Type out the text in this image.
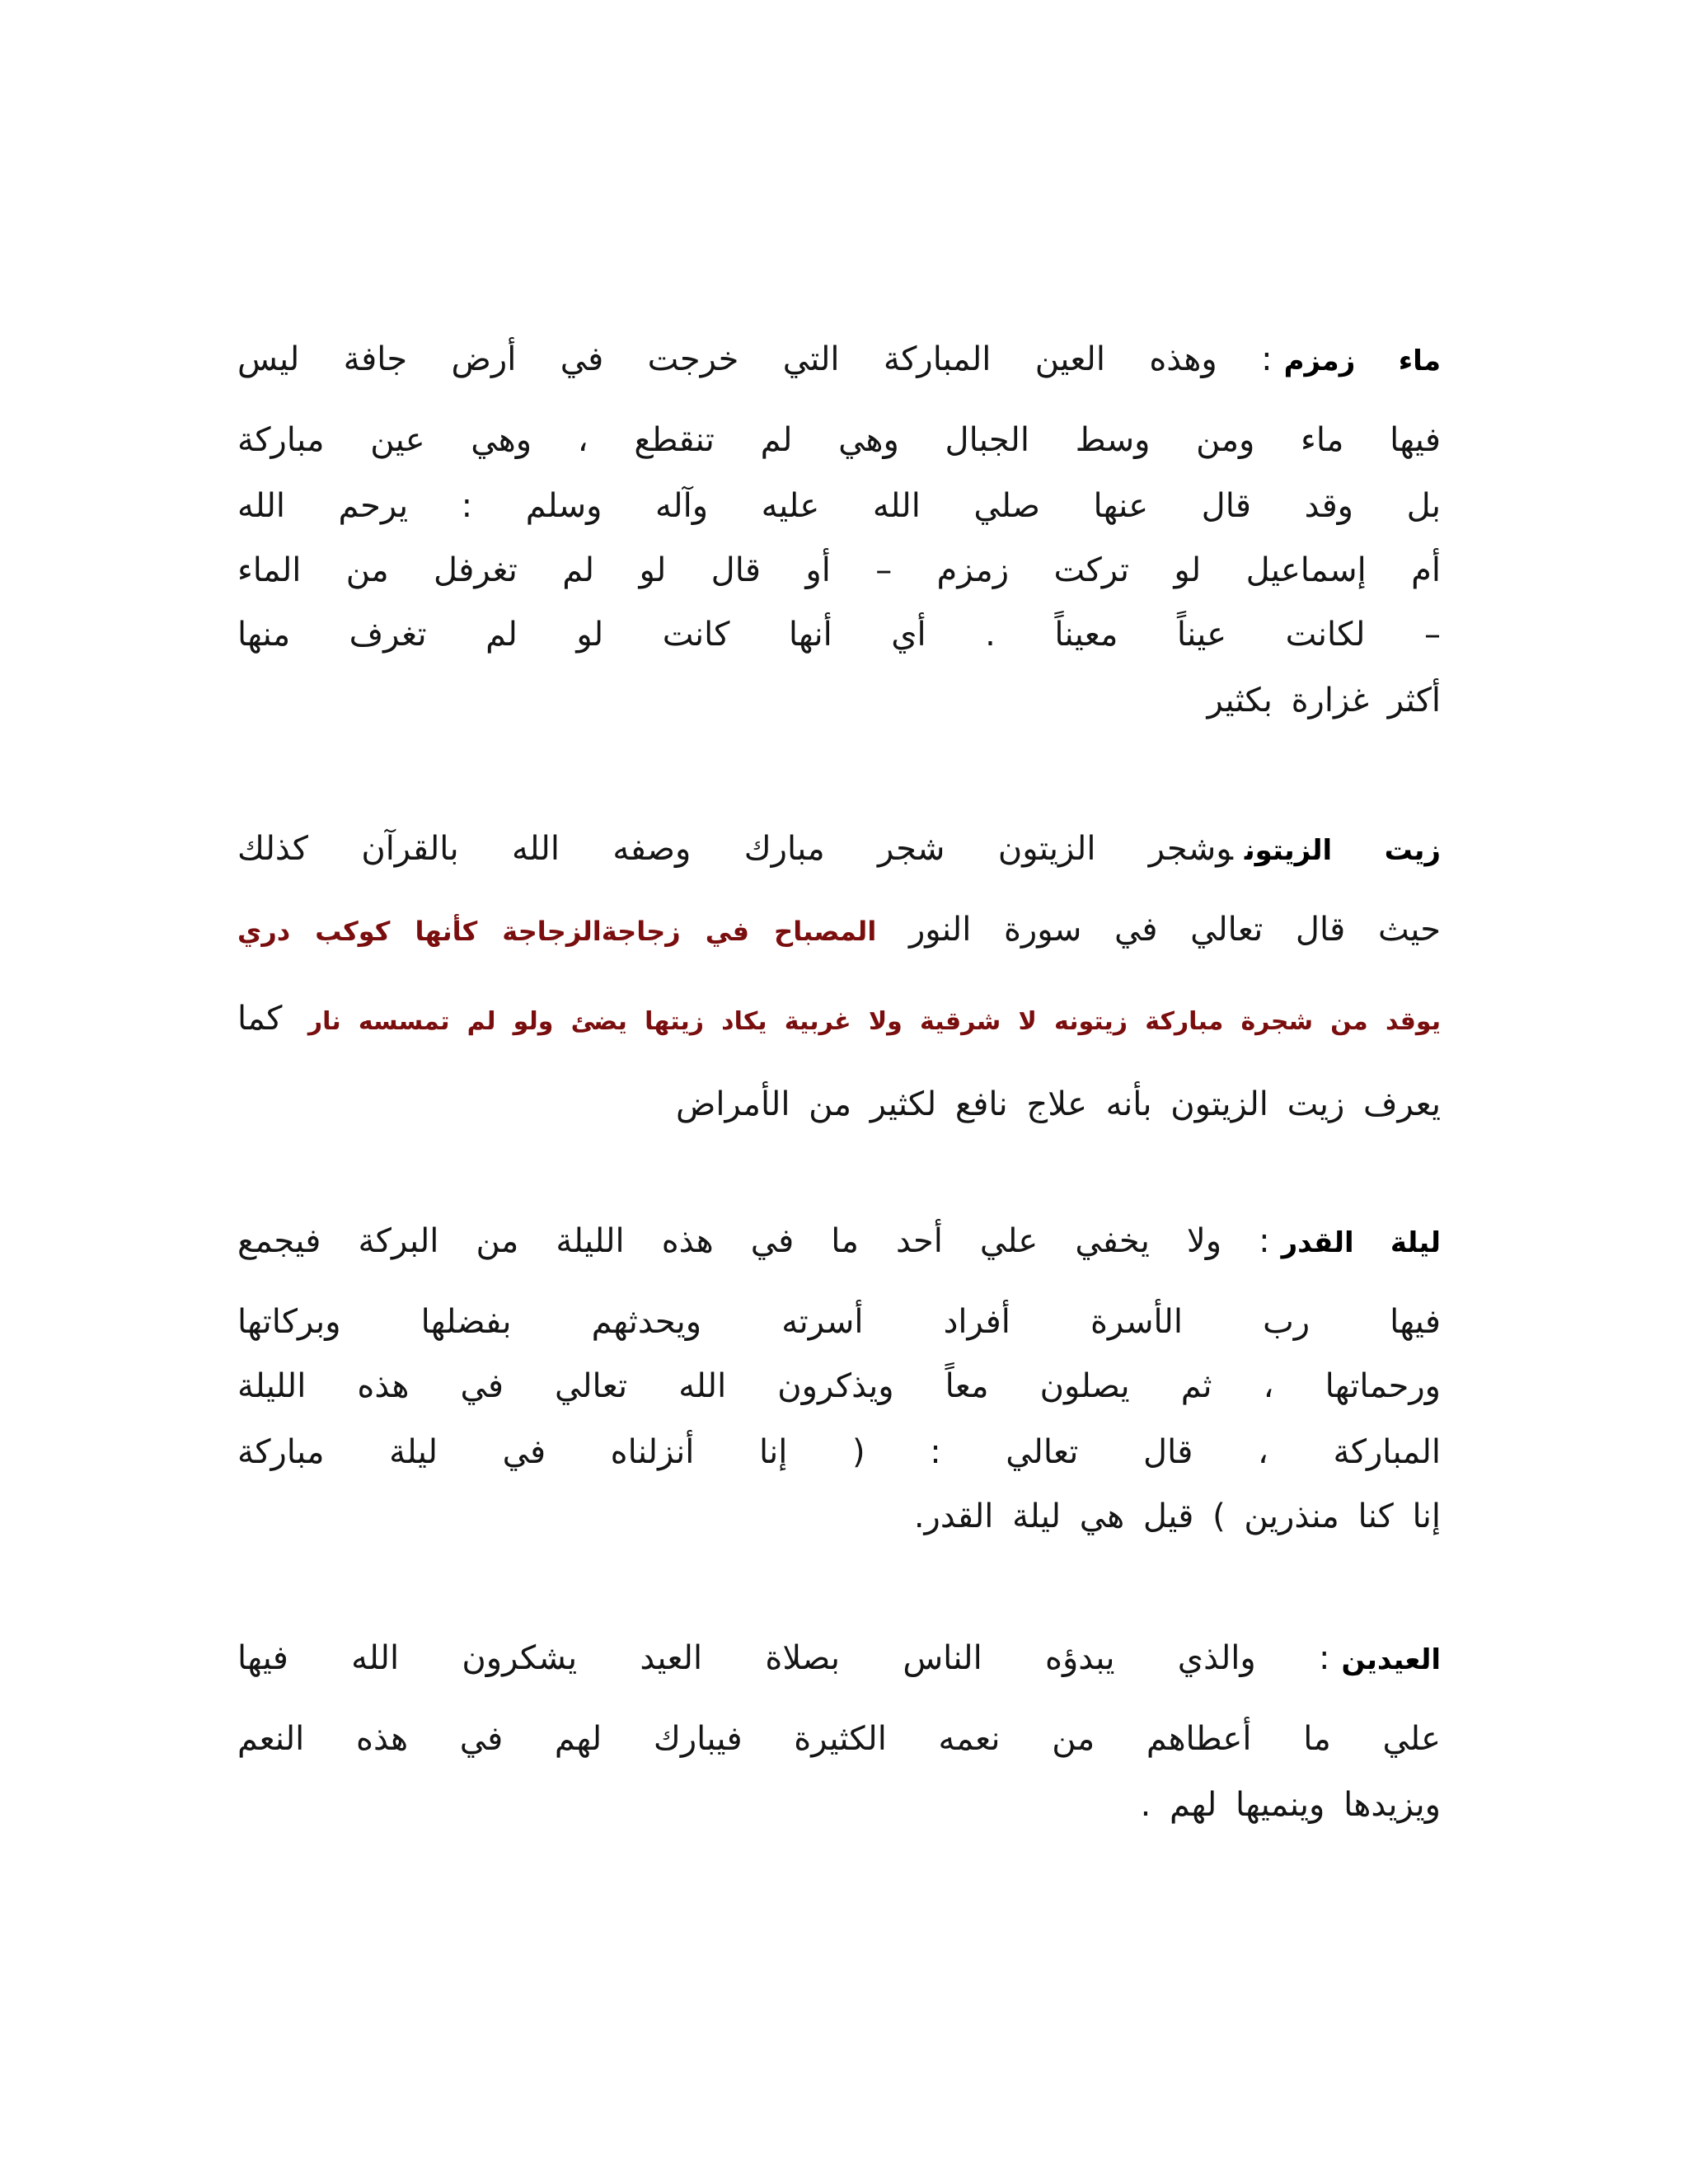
ماء زمزم: وهذه العين المباركة التي خرجت في أرض جافة ليس
فيها ماء ومن وسط الجبال وهي لم تنقطع ، وهي عين مباركة
بل وقد قال عنها صلي الله عليه وآله وسلم : يرحم الله
أم إسماعيل لو تركت زمزم – أو قال لو لم تغرفل من الماء
– لكانت عيناً معيناً . أي أنها كانت لو لم تغرف منها
أكثر غزارة بكثير
زيت الزيتونوشجر الزيتون شجر مبارك وصفه الله بالقرآن كذلك
حيث قال تعالي في سورة النور المصباح في زجاجةالزجاجة كأنها كوكب دري
يوقد من شجرة مباركة زيتونه لا شرقية ولا غربية يكاد زيتها يضئ ولو لم تمسسه نار كما
يعرف زيت الزيتون بأنه علاج نافع لكثير من الأمراض
ليلة القدر: ولا يخفي علي أحد ما في هذه الليلة من البركة فيجمع
فيها رب الأسرة أفراد أسرته ويحدثهم بفضلها وبركاتها
ورحماتها ، ثم يصلون معاً ويذكرون الله تعالي في هذه الليلة
المباركة ، قال تعالي : ( إنا أنزلناه في ليلة مباركة
إنا كنا منذرين ) قيل هي ليلة القدر.
العيدين: والذي يبدؤه الناس بصلاة العيد يشكرون الله فيها
علي ما أعطاهم من نعمه الكثيرة فيبارك لهم في هذه النعم
ويزيدها وينميها لهم .
